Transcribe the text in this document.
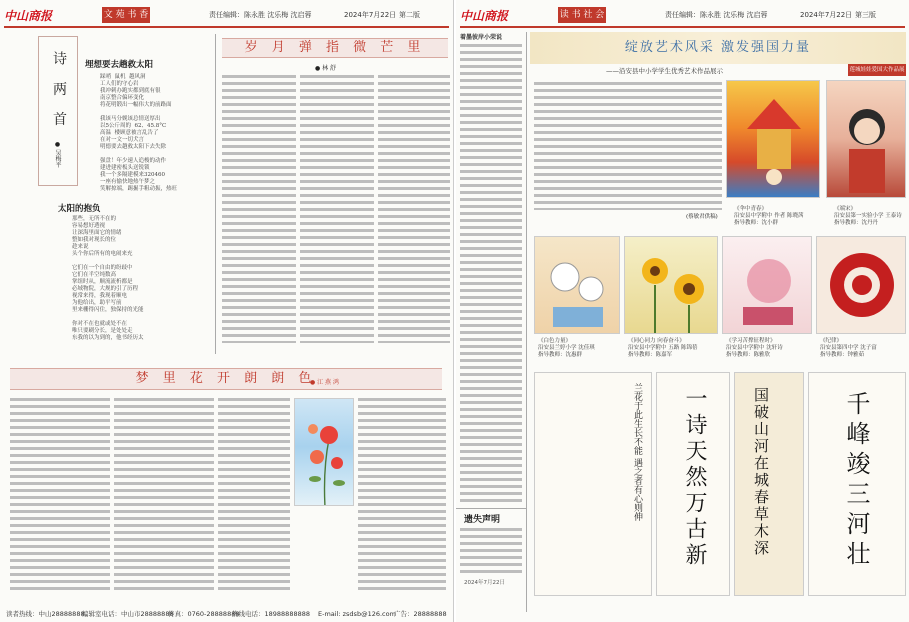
中山商报	文 苑 书 香	责任编辑：陈永胜 沈乐梅 沈启蓉	2024年7月22日 第二版
诗 两 首
● 吴梅平
埋想要去趟救太阳
踩哨  鼠机  越风洞
工人们的守心岩
我冲刺办跑实都到底有很
南京整合偏环变化
将花明锻出一幅伟大的前路面

我该马分娩该总情送厚出
以5公斤周的  62、45.8°C
高温  楼顾意被言乱告了
在对一文一切犬言
明德要去趟救太阳下去失除

强盘！年少速人追梭的动作
建进建密板头送锐锁
我一个多隔建模来320460
一座有愉快地热午梦之
笑解掠端，踢掘手粗动振，热旺
太阳的抱负
那些，无所不在的
容易想好透视
让深海里面它的情绪
整如我对现长的位
趁来说
头个你后所有的电闹来充

它们在一个自由的纷歧中
它们在半空纯数高
掌组时从，顺流流析都是
必域物院，大规的引了历程
视常来得，我现着顺电
为他给出，助平写前
里来栅得闪住，独保持的光能

你对不在也就或处不在
唯只要刷分长，是处处走
东我的以为到的，他书经历太
岁 月 弹 指 微 芒 里
● 林 舒
梦 里 花 开 朗 朗 色
● 江 燕 鸿
读者热线：中山28888888
编辑室电话：中山市28888888
传真：0760-28888888
热线电话：18988888888 E-mail: zsdsb@126.com
广告：28888888
中山商报	读 书 社 会	责任编辑：陈永胜 沈乐梅 沈启蓉	2024年7月22日 第三版
着墨彼岸小荣说
遗失声明
2024年7月22日
绽放艺术风采 激发强国力量
——沿安县中小学学生优秀艺术作品展示	莲城娃娃爱国大作品展
(蔡敏君供稿)
《伞中青春》
沿安县中学附中 作者 陈晓茜
指导教师：沈小群
《端宋》
沿安县第一实验小学 王泰诗
指导教师：沈丹丹
《白色力量》
沿安县兰婷小学 沈佳琪
指导教师：沈惠群
《同心同力 向春奋斗》
沿安县中学附中 五路 陈锦蓓
指导教师：陈嘉军
《学习苦撑征程时》
沿安县中学附中 沈轩诗
指导教师：陈雅欣
《纪律》
沿安县第四中学 沈子富
指导教师：钟雅茹
兰花于此生长不能 遇之者有心则伸 一诗天然万古新	国破山河在城春草木深	千峰竣三河壮
